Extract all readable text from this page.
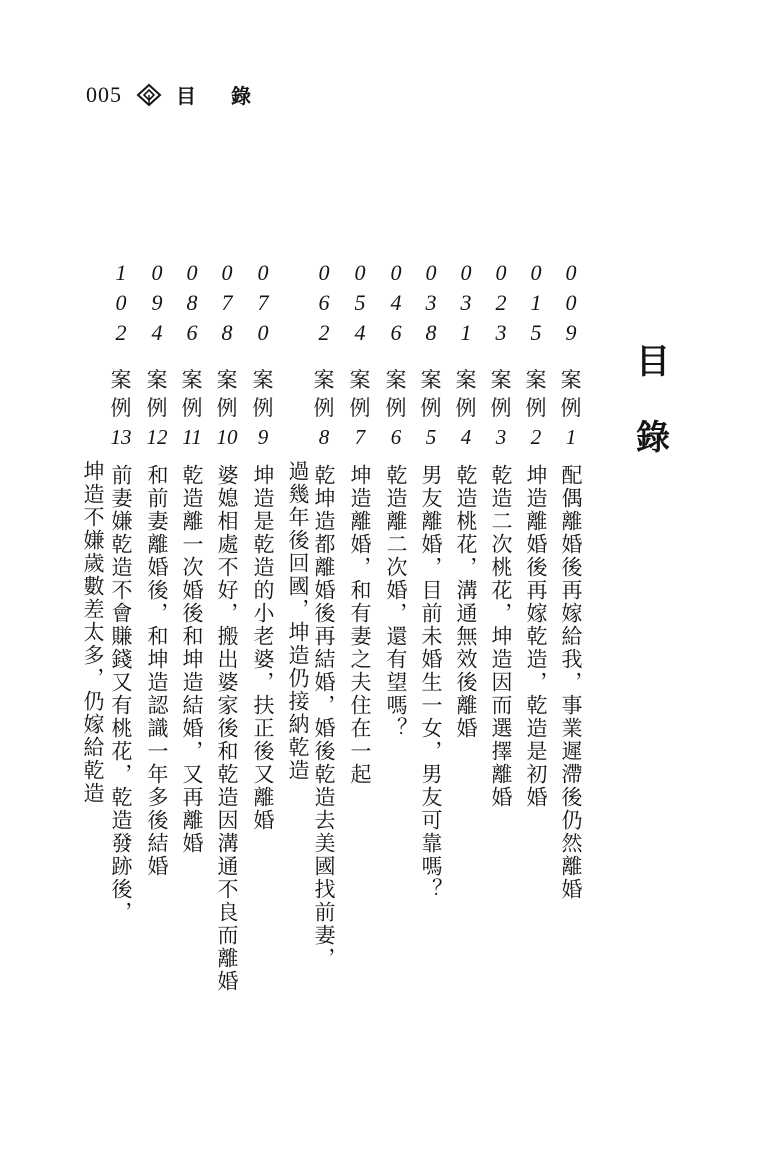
005	目 錄
目
錄
0
0
9
案
例
1
配偶離婚後再嫁給我，事業遲滯後仍然離婚
0
1
5
案
例
2
坤造離婚後再嫁乾造，乾造是初婚
0
2
3
案
例
3
乾造二次桃花，坤造因而選擇離婚
0
3
1
案
例
4
乾造桃花，溝通無效後離婚
0
3
8
案
例
5
男友離婚，目前未婚生一女，男友可靠嗎？
0
4
6
案
例
6
乾造離二次婚，還有望嗎？
0
5
4
案
例
7
坤造離婚，和有妻之夫住在一起
0
6
2
案
例
8
乾坤造都離婚後再結婚，婚後乾造去美國找前妻，
過幾年後回國，坤造仍接納乾造
0
7
0
案
例
9
坤造是乾造的小老婆，扶正後又離婚
0
7
8
案
例
10
婆媳相處不好，搬出婆家後和乾造因溝通不良而離婚
0
8
6
案
例
11
乾造離一次婚後和坤造結婚，又再離婚
0
9
4
案
例
12
和前妻離婚後，和坤造認識一年多後結婚
1
0
2
案
例
13
前妻嫌乾造不會賺錢又有桃花，乾造發跡後，
坤造不嫌歲數差太多，仍嫁給乾造
